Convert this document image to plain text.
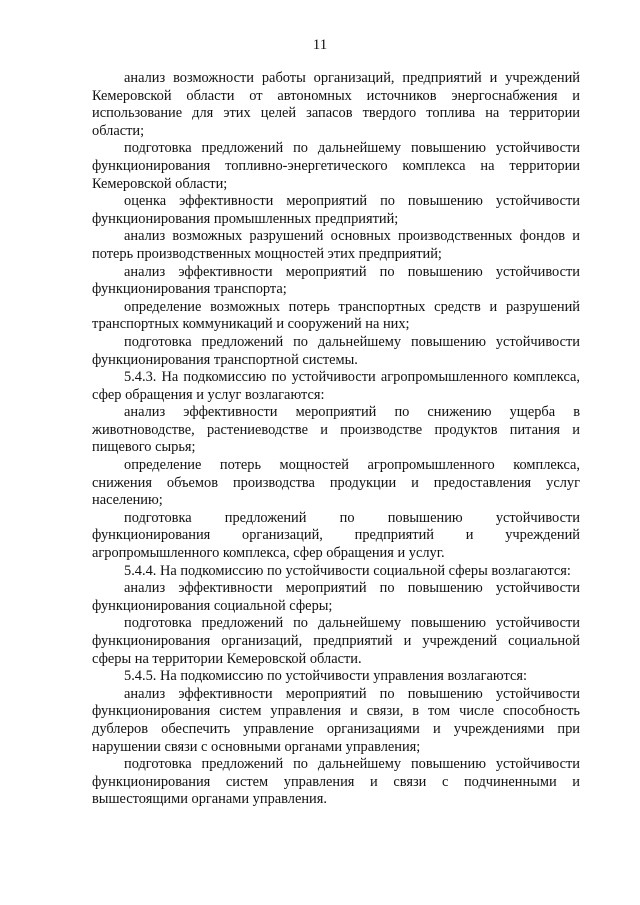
11

анализ возможности работы организаций, предприятий и учреждений Кемеровской области от автономных источников энергоснабжения и использование для этих целей запасов твердого топлива на территории области;

подготовка предложений по дальнейшему повышению устойчивости функционирования топливно-энергетического комплекса на территории Кемеровской области;

оценка эффективности мероприятий по повышению устойчивости функционирования промышленных предприятий;

анализ возможных разрушений основных производственных фондов и потерь производственных мощностей этих предприятий;

анализ эффективности мероприятий по повышению устойчивости функционирования транспорта;

определение возможных потерь транспортных средств и разрушений транспортных коммуникаций и сооружений на них;

подготовка предложений по дальнейшему повышению устойчивости функционирования транспортной системы.

5.4.3. На подкомиссию по устойчивости агропромышленного комплекса, сфер обращения и услуг возлагаются:

анализ эффективности мероприятий по снижению ущерба в животноводстве, растениеводстве и производстве продуктов питания и пищевого сырья;

определение потерь мощностей агропромышленного комплекса, снижения объемов производства продукции и предоставления услуг населению;

подготовка предложений по повышению устойчивости функционирования организаций, предприятий и учреждений агропромышленного комплекса, сфер обращения и услуг.

5.4.4. На подкомиссию по устойчивости социальной сферы возлагаются:

анализ эффективности мероприятий по повышению устойчивости функционирования социальной сферы;

подготовка предложений по дальнейшему повышению устойчивости функционирования организаций, предприятий и учреждений социальной сферы на территории Кемеровской области.

5.4.5. На подкомиссию по устойчивости управления возлагаются:

анализ эффективности мероприятий по повышению устойчивости функционирования систем управления и связи, в том числе способность дублеров обеспечить управление организациями и учреждениями при нарушении связи с основными органами управления;

подготовка предложений по дальнейшему повышению устойчивости функционирования систем управления и связи с подчиненными и вышестоящими органами управления.
